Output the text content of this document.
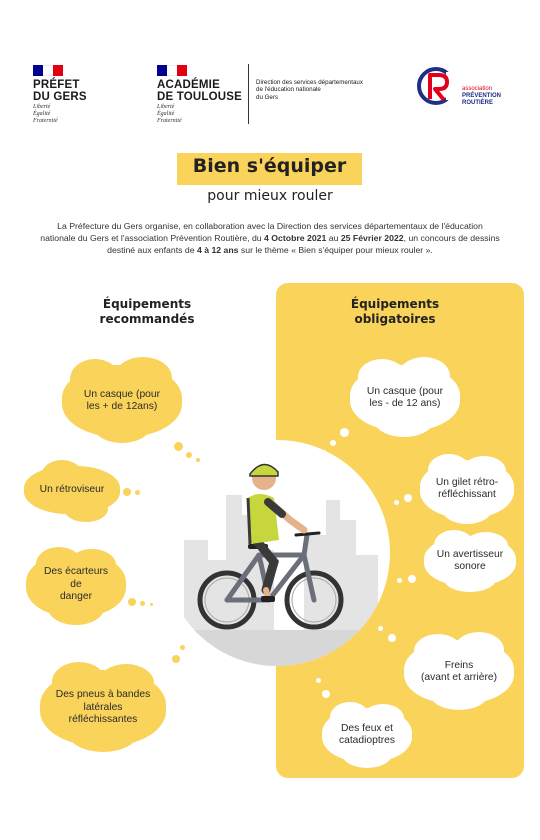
PRÉFET
DU GERS
Liberté
Égalité
Fraternité
ACADÉMIE
DE TOULOUSE
Liberté
Égalité
Fraternité
Direction des services départementaux
de l'éducation nationale
du Gers
association
PRÉVENTION
ROUTIÈRE
Bien s'équiper
pour mieux rouler
La Préfecture du Gers organise, en collaboration avec la Direction des services départementaux de l'éducation nationale du Gers et l'association Prévention Routière, du 4 Octobre 2021 au 25 Février 2022, un concours de dessins destiné aux enfants de 4 à 12 ans sur le thème « Bien s'équiper pour mieux rouler ».
Équipements
recommandés
Équipements
obligatoires
Un casque (pour
les + de 12ans)
Un rétroviseur
Des écarteurs
de
danger
Des pneus à bandes
latérales
réfléchissantes
Un casque (pour
les - de 12 ans)
Un gilet rétro-
réfléchissant
Un avertisseur
sonore
Freins
(avant et arrière)
Des feux et
catadioptres
